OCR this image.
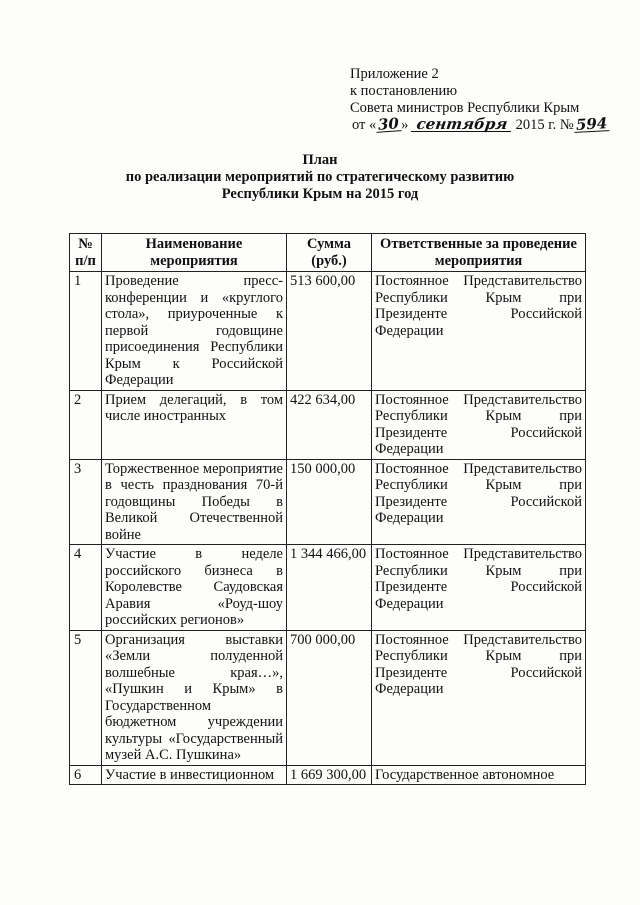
Приложение 2
к постановлению
Совета министров Республики Крым
от «30» сентября 2015 г. № 594
План
по реализации мероприятий по стратегическому развитию
Республики Крым на 2015 год
№ п/п	Наименование мероприятия	Сумма (руб.)	Ответственные за проведение мероприятия
1	Проведение пресс-конференции и «круглого стола», приуроченные к первой годовщине присоединения Республики Крым к Российской Федерации	513 600,00	Постоянное Представительство Республики Крым при Президенте Российской Федерации
2	Прием делегаций, в том числе иностранных	422 634,00	Постоянное Представительство Республики Крым при Президенте Российской Федерации
3	Торжественное мероприятие в честь празднования 70-й годовщины Победы в Великой Отечественной войне	150 000,00	Постоянное Представительство Республики Крым при Президенте Российской Федерации
4	Участие в неделе российского бизнеса в Королевстве Саудовская Аравия «Роуд-шоу российских регионов»	1 344 466,00	Постоянное Представительство Республики Крым при Президенте Российской Федерации
5	Организация выставки «Земли полуденной волшебные края…», «Пушкин и Крым» в Государственном бюджетном учреждении культуры «Государственный музей А.С. Пушкина»	700 000,00	Постоянное Представительство Республики Крым при Президенте Российской Федерации
6	Участие в инвестиционном	1 669 300,00	Государственное автономное
